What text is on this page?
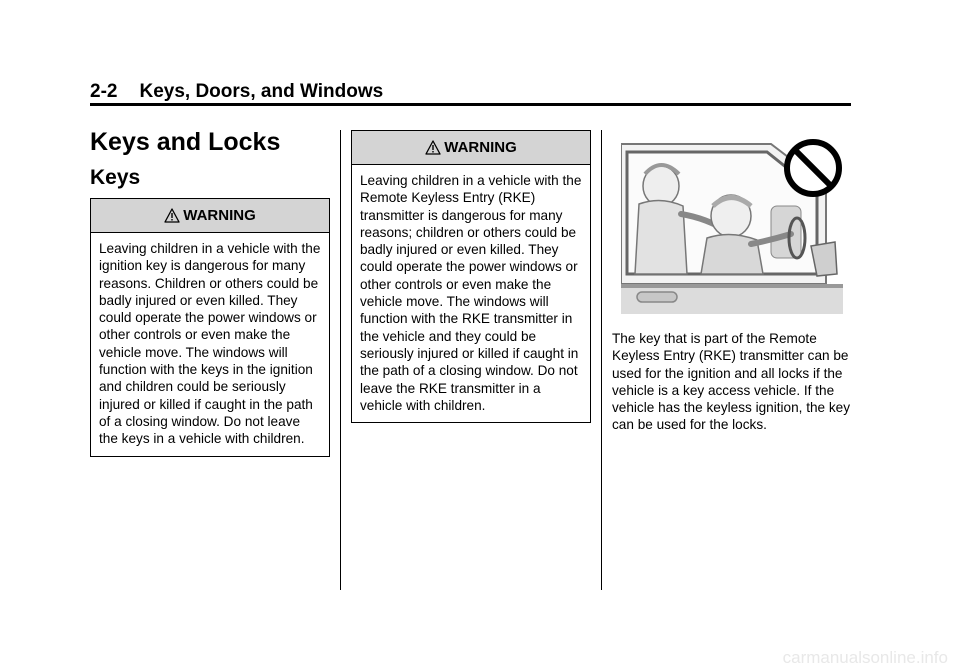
2-2 Keys, Doors, and Windows
Keys and Locks
Keys
WARNING
Leaving children in a vehicle with the ignition key is dangerous for many reasons. Children or others could be badly injured or even killed. They could operate the power windows or other controls or even make the vehicle move. The windows will function with the keys in the ignition and children could be seriously injured or killed if caught in the path of a closing window. Do not leave the keys in a vehicle with children.
WARNING
Leaving children in a vehicle with the Remote Keyless Entry (RKE) transmitter is dangerous for many reasons; children or others could be badly injured or even killed. They could operate the power windows or other controls or even make the vehicle move. The windows will function with the RKE transmitter in the vehicle and they could be seriously injured or killed if caught in the path of a closing window. Do not leave the RKE transmitter in a vehicle with children.
The key that is part of the Remote Keyless Entry (RKE) transmitter can be used for the ignition and all locks if the vehicle is a key access vehicle. If the vehicle has the keyless ignition, the key can be used for the locks.
carmanualsonline.info
